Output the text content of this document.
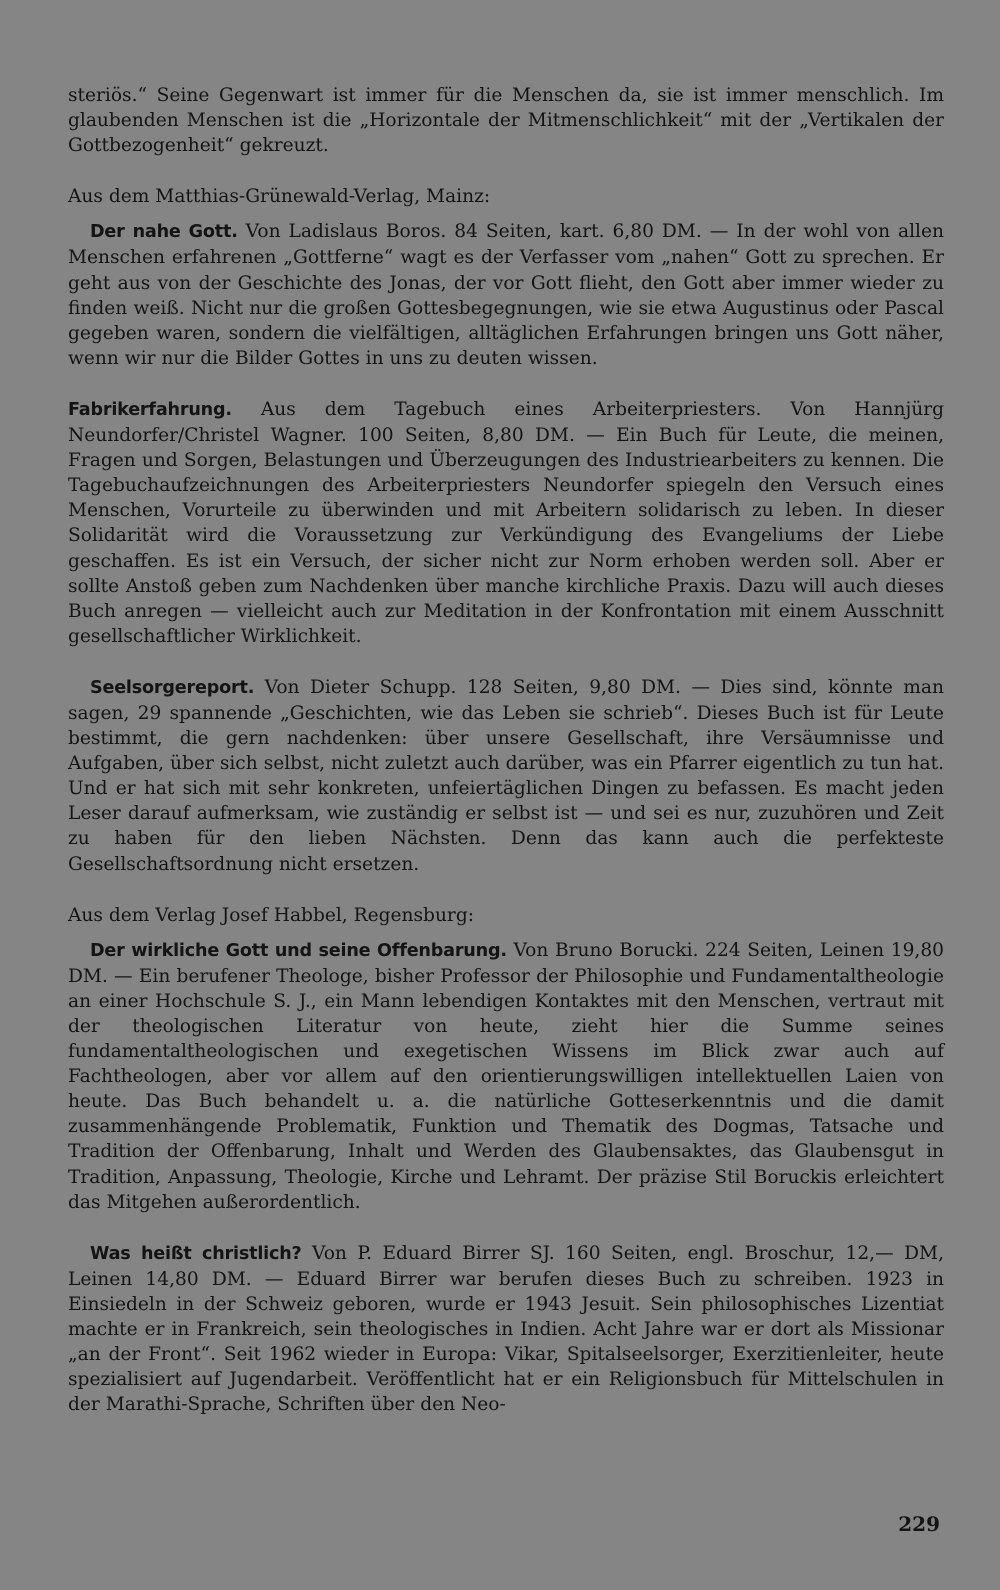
steriös.“ Seine Gegenwart ist immer für die Menschen da, sie ist immer menschlich. Im glaubenden Menschen ist die „Horizontale der Mitmenschlichkeit“ mit der „Vertikalen der Gottbezogenheit“ gekreuzt.

Aus dem Matthias-Grünewald-Verlag, Mainz:

Der nahe Gott. Von Ladislaus Boros. 84 Seiten, kart. 6,80 DM. — In der wohl von allen Menschen erfahrenen „Gottferne“ wagt es der Verfasser vom „nahen“ Gott zu sprechen. Er geht aus von der Geschichte des Jonas, der vor Gott flieht, den Gott aber immer wieder zu finden weiß. Nicht nur die großen Gottesbegegnungen, wie sie etwa Augustinus oder Pascal gegeben waren, sondern die vielfältigen, alltäglichen Erfahrungen bringen uns Gott näher, wenn wir nur die Bilder Gottes in uns zu deuten wissen.

Fabrikerfahrung. Aus dem Tagebuch eines Arbeiterpriesters. Von Hannjürg Neundorfer/Christel Wagner. 100 Seiten, 8,80 DM. — Ein Buch für Leute, die meinen, Fragen und Sorgen, Belastungen und Überzeugungen des Industriearbeiters zu kennen. Die Tagebuchaufzeichnungen des Arbeiterpriesters Neundorfer spiegeln den Versuch eines Menschen, Vorurteile zu überwinden und mit Arbeitern solidarisch zu leben. In dieser Solidarität wird die Voraussetzung zur Verkündigung des Evangeliums der Liebe geschaffen. Es ist ein Versuch, der sicher nicht zur Norm erhoben werden soll. Aber er sollte Anstoß geben zum Nachdenken über manche kirchliche Praxis. Dazu will auch dieses Buch anregen — vielleicht auch zur Meditation in der Konfrontation mit einem Ausschnitt gesellschaftlicher Wirklichkeit.

Seelsorgereport. Von Dieter Schupp. 128 Seiten, 9,80 DM. — Dies sind, könnte man sagen, 29 spannende „Geschichten, wie das Leben sie schrieb“. Dieses Buch ist für Leute bestimmt, die gern nachdenken: über unsere Gesellschaft, ihre Versäumnisse und Aufgaben, über sich selbst, nicht zuletzt auch darüber, was ein Pfarrer eigentlich zu tun hat. Und er hat sich mit sehr konkreten, unfeiertäglichen Dingen zu befassen. Es macht jeden Leser darauf aufmerksam, wie zuständig er selbst ist — und sei es nur, zuzuhören und Zeit zu haben für den lieben Nächsten. Denn das kann auch die perfekteste Gesellschaftsordnung nicht ersetzen.

Aus dem Verlag Josef Habbel, Regensburg:

Der wirkliche Gott und seine Offenbarung. Von Bruno Borucki. 224 Seiten, Leinen 19,80 DM. — Ein berufener Theologe, bisher Professor der Philosophie und Fundamentaltheologie an einer Hochschule S. J., ein Mann lebendigen Kontaktes mit den Menschen, vertraut mit der theologischen Literatur von heute, zieht hier die Summe seines fundamentaltheologischen und exegetischen Wissens im Blick zwar auch auf Fachtheologen, aber vor allem auf den orientierungswilligen intellektuellen Laien von heute. Das Buch behandelt u. a. die natürliche Gotteserkenntnis und die damit zusammenhängende Problematik, Funktion und Thematik des Dogmas, Tatsache und Tradition der Offenbarung, Inhalt und Werden des Glaubensaktes, das Glaubensgut in Tradition, Anpassung, Theologie, Kirche und Lehramt. Der präzise Stil Boruckis erleichtert das Mitgehen außerordentlich.

Was heißt christlich? Von P. Eduard Birrer SJ. 160 Seiten, engl. Broschur, 12,— DM, Leinen 14,80 DM. — Eduard Birrer war berufen dieses Buch zu schreiben. 1923 in Einsiedeln in der Schweiz geboren, wurde er 1943 Jesuit. Sein philosophisches Lizentiat machte er in Frankreich, sein theologisches in Indien. Acht Jahre war er dort als Missionar „an der Front“. Seit 1962 wieder in Europa: Vikar, Spitalseelsorger, Exerzitienleiter, heute spezialisiert auf Jugendarbeit. Veröffentlicht hat er ein Religionsbuch für Mittelschulen in der Marathi-Sprache, Schriften über den Neo-

229
